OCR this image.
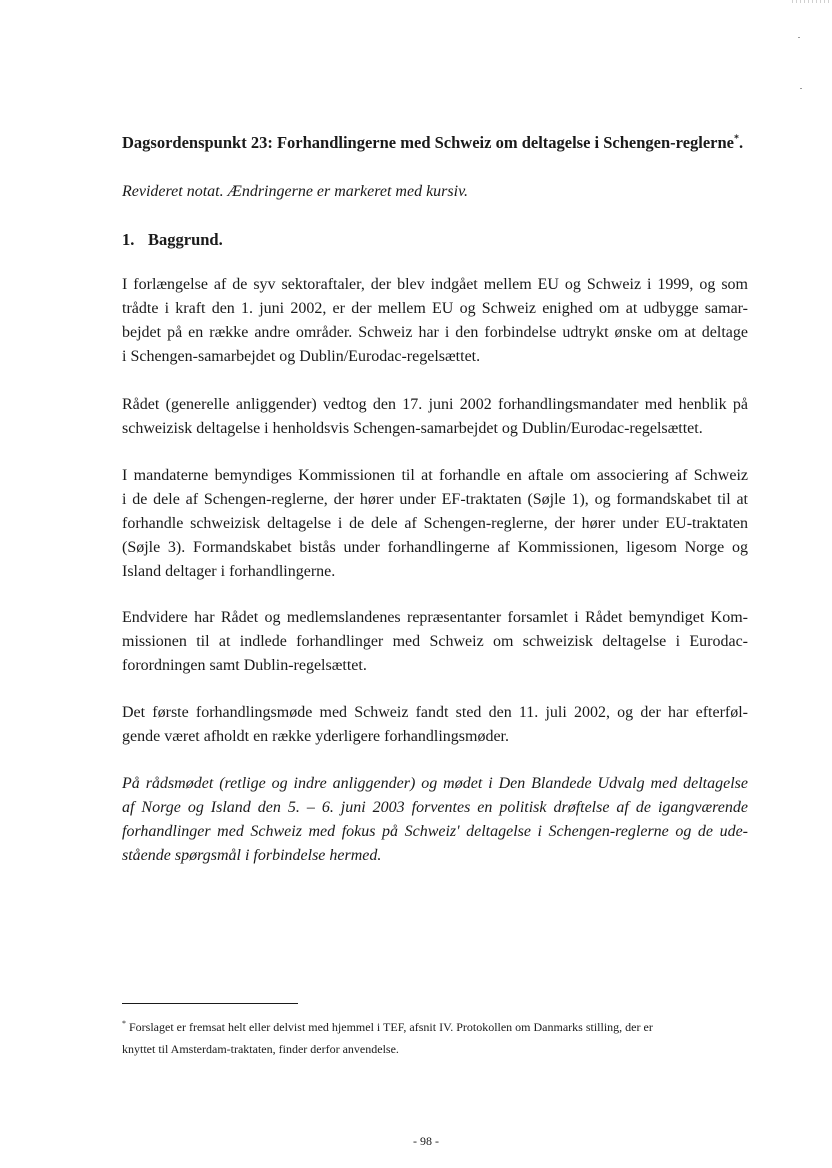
Dagsordenspunkt 23: Forhandlingerne med Schweiz om deltagelse i Schengen-reglerne*.
Revideret notat. Ændringerne er markeret med kursiv.
1. Baggrund.
I forlængelse af de syv sektoraftaler, der blev indgået mellem EU og Schweiz i 1999, og som
trådte i kraft den 1. juni 2002, er der mellem EU og Schweiz enighed om at udbygge samar-
bejdet på en række andre områder. Schweiz har i den forbindelse udtrykt ønske om at deltage
i Schengen-samarbejdet og Dublin/Eurodac-regelsættet.
Rådet (generelle anliggender) vedtog den 17. juni 2002 forhandlingsmandater med henblik på
schweizisk deltagelse i henholdsvis Schengen-samarbejdet og Dublin/Eurodac-regelsættet.
I mandaterne bemyndiges Kommissionen til at forhandle en aftale om associering af Schweiz
i de dele af Schengen-reglerne, der hører under EF-traktaten (Søjle 1), og formandskabet til at
forhandle schweizisk deltagelse i de dele af Schengen-reglerne, der hører under EU-traktaten
(Søjle 3). Formandskabet bistås under forhandlingerne af Kommissionen, ligesom Norge og
Island deltager i forhandlingerne.
Endvidere har Rådet og medlemslandenes repræsentanter forsamlet i Rådet bemyndiget Kom-
missionen til at indlede forhandlinger med Schweiz om schweizisk deltagelse i Eurodac-
forordningen samt Dublin-regelsættet.
Det første forhandlingsmøde med Schweiz fandt sted den 11. juli 2002, og der har efterføl-
gende været afholdt en række yderligere forhandlingsmøder.
På rådsmødet (retlige og indre anliggender) og mødet i Den Blandede Udvalg med deltagelse
af Norge og Island den 5. – 6. juni 2003 forventes en politisk drøftelse af de igangværende
forhandlinger med Schweiz med fokus på Schweiz' deltagelse i Schengen-reglerne og de ude-
stående spørgsmål i forbindelse hermed.
* Forslaget er fremsat helt eller delvist med hjemmel i TEF, afsnit IV. Protokollen om Danmarks stilling, der er
knyttet til Amsterdam-traktaten, finder derfor anvendelse.
- 98 -
